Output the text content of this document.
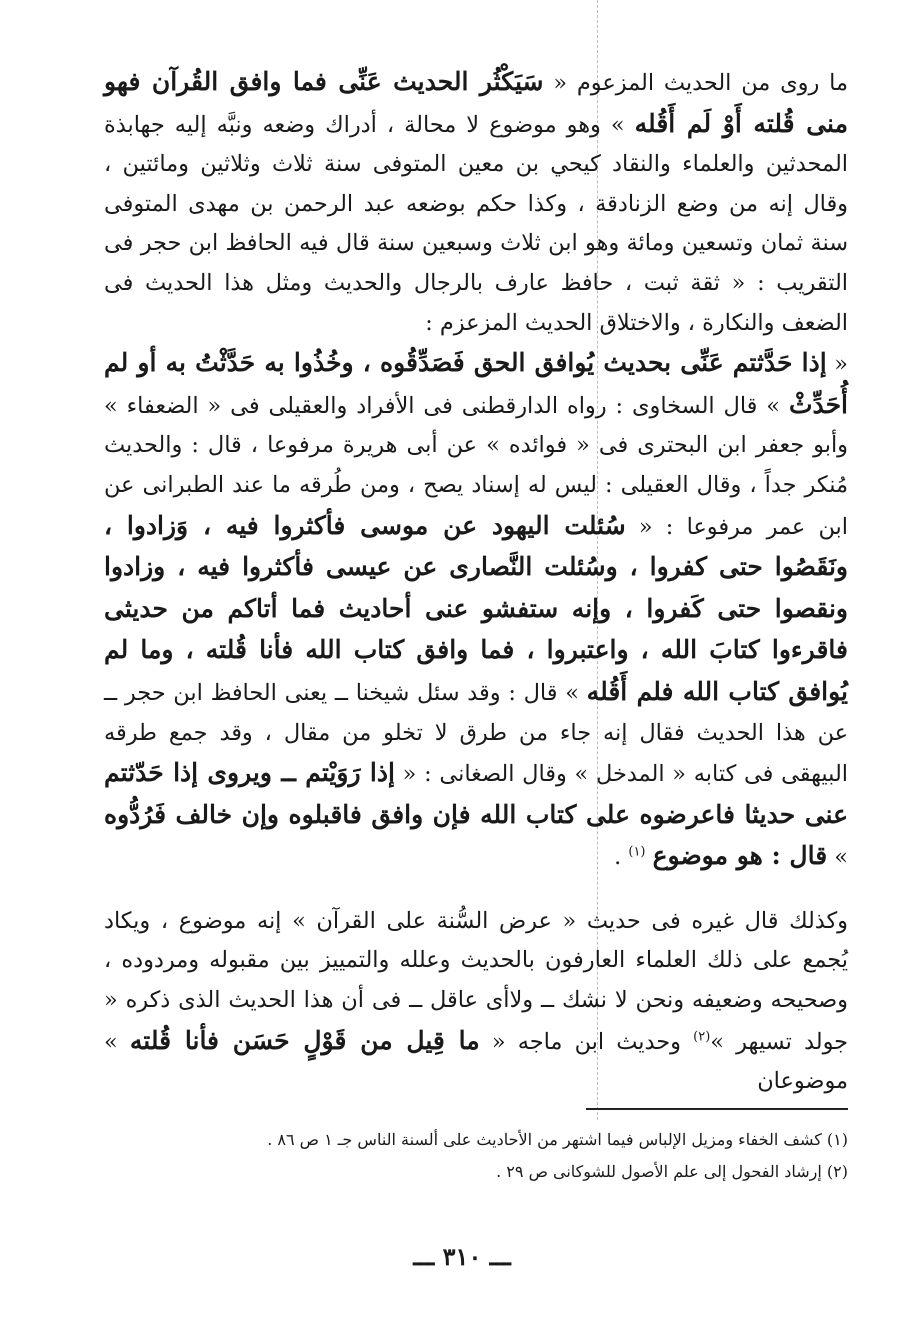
ما روى من الحديث المزعوم « سَيَكْثُر الحديث عَنِّى فما وافق القُرآن فهو منى قُلته أَوْ لَم أَقُله » وهو موضوع لا محالة ، أدراك وضعه ونبَّه إليه جهابذة المحدثين والعلماء والنقاد كيحي بن معين المتوفى سنة ثلاث وثلاثين ومائتين ، وقال إنه من وضع الزنادقة ، وكذا حكم بوضعه عبد الرحمن بن مهدى المتوفى سنة ثمان وتسعين ومائة وهو ابن ثلاث وسبعين سنة قال فيه الحافظ ابن حجر فى التقريب : « ثقة ثبت ، حافظ عارف بالرجال والحديث ومثل هذا الحديث فى الضعف والنكارة ، والاختلاق الحديث المزعزم :

« إذا حَدَّثتم عَنِّى بحديث يُوافق الحق فَصَدِّقُوه ، وخُذُوا به حَدَّثْتُ به أو لم أُحَدِّثْ » قال السخاوى : رواه الدارقطنى فى الأفراد والعقيلى فى « الضعفاء » وأبو جعفر ابن البحترى فى « فوائده » عن أبى هريرة مرفوعا ، قال : والحديث مُنكر جداً ، وقال العقيلى : ليس له إسناد يصح ، ومن طُرقه ما عند الطبرانى عن ابن عمر مرفوعا : « سُئلت اليهود عن موسى فأكثروا فيه ، وَزادوا ، ونَقَصُوا حتى كفروا ، وسُئلت النَّصارى عن عيسى فأكثروا فيه ، وزادوا ونقصوا حتى كَفروا ، وإنه ستفشو عنى أحاديث فما أتاكم من حديثى فاقرءوا كتابَ الله ، واعتبروا ، فما وافق كتاب الله فأنا قُلته ، وما لم يُوافق كتاب الله فلم أَقُله » قال : وقد سئل شيخنا ــ يعنى الحافظ ابن حجر ــ عن هذا الحديث فقال إنه جاء من طرق لا تخلو من مقال ، وقد جمع طرقه البيهقى فى كتابه « المدخل » وقال الصغانى : « إذا رَوَيْتم ــ ويروى إذا حَدّثتم عنى حديثا فاعرضوه على كتاب الله فإن وافق فاقبلوه وإن خالف فَرُدُّوه » قال : هو موضوع $^{(١)}$ .

وكذلك قال غيره فى حديث « عرض السُّنة على القرآن » إنه موضوع ، ويكاد يُجمع على ذلك العلماء العارفون بالحديث وعلله والتمييز بين مقبوله ومردوده ، وصحيحه وضعيفه ونحن لا نشك ــ ولاأى عاقل ــ فى أن هذا الحديث الذى ذكره « جولد تسيهر »$^{(٢)}$ وحديث ابن ماجه « ما قِيل من قَوْلٍ حَسَن فأنا قُلته » موضوعان

(١) كشف الخفاء ومزيل الإلباس فيما اشتهر من الأحاديث على ألسنة الناس جـ ١ ص ٨٦ .
(٢) إرشاد الفحول إلى علم الأصول للشوكانى ص ٢٩ .
ـــ ٣١٠ ـــ
